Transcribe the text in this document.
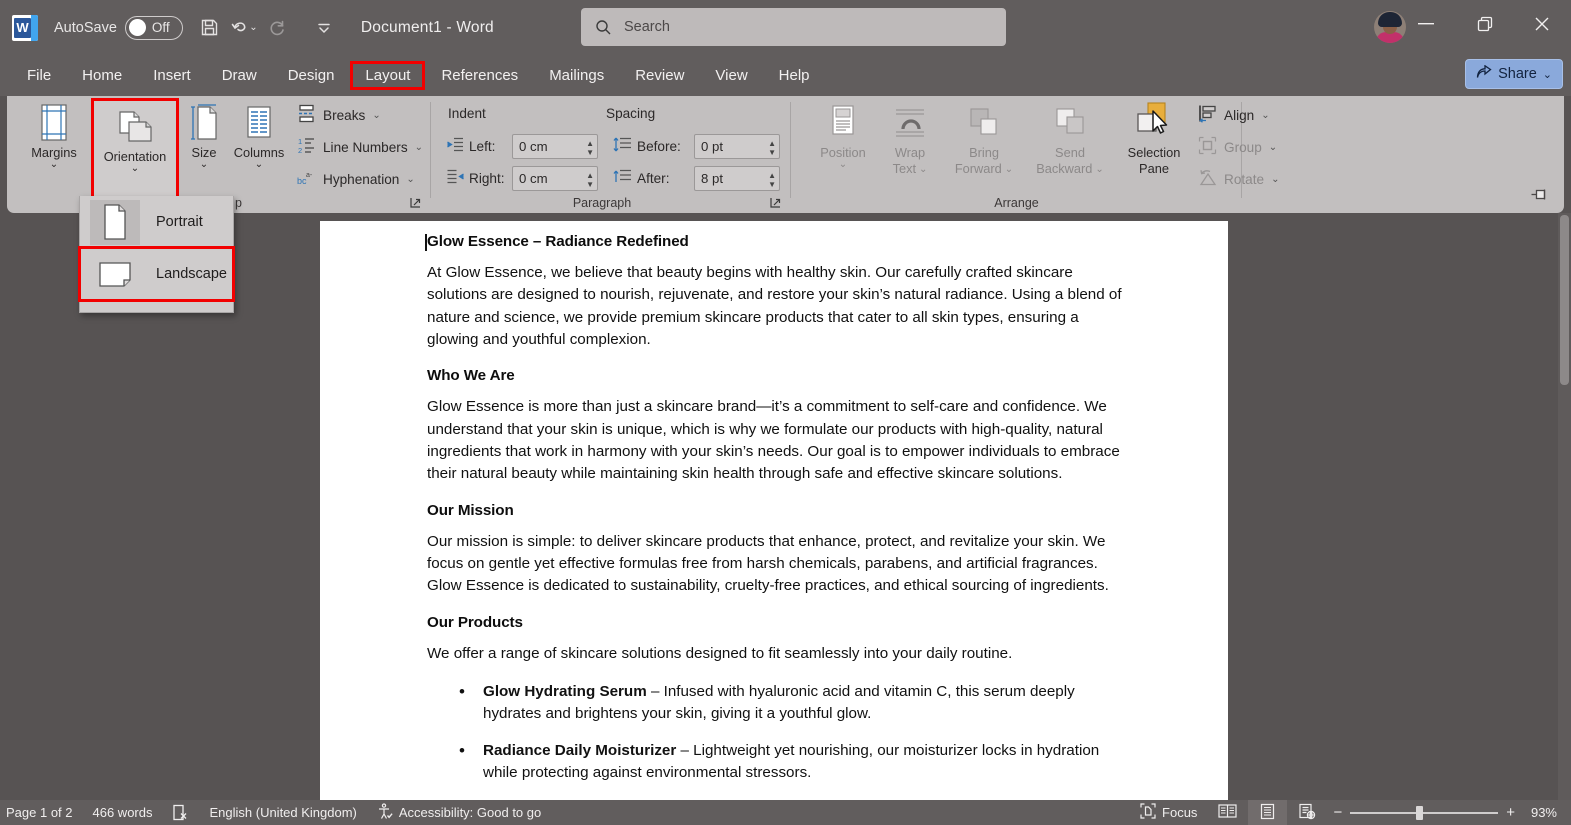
W	AutoSave	Off	⌄	Document1 - Word	Search
File	Home	Insert	Draw	Design	Layout	References	Mailings	Review	View	Help	Share ⌄
Margins
⌄
Orientation
⌄
Size
⌄
Columns
⌄
Breaks ⌄
1
2 Line Numbers ⌄
bc
a- Hyphenation ⌄
p
Indent	Spacing
Left:	0 cm	▲
▼
Right: 0 cm	▲
▼
Before:	0 pt	▲
▼
After:	8 pt	▲
▼
Paragraph
Position
⌄
Wrap
Text ⌄
Bring
Forward ⌄
Send
Backward ⌄
Selection
Pane
Align ⌄
Group ⌄
Rotate ⌄
Arrange
Portrait
Landscape
Glow Essence – Radiance Redefined
At Glow Essence, we believe that beauty begins with healthy skin. Our carefully crafted skincare solutions are designed to nourish, rejuvenate, and restore your skin’s natural radiance. Using a blend of nature and science, we provide premium skincare products that cater to all skin types, ensuring a glowing and youthful complexion.
Who We Are
Glow Essence is more than just a skincare brand—it’s a commitment to self-care and confidence. We understand that your skin is unique, which is why we formulate our products with high-quality, natural ingredients that work in harmony with your skin’s needs. Our goal is to empower individuals to embrace their natural beauty while maintaining skin health through safe and effective skincare solutions.
Our Mission
Our mission is simple: to deliver skincare products that enhance, protect, and revitalize your skin. We focus on gentle yet effective formulas free from harsh chemicals, parabens, and artificial fragrances. Glow Essence is dedicated to sustainability, cruelty-free practices, and ethical sourcing of ingredients.
Our Products
We offer a range of skincare solutions designed to fit seamlessly into your daily routine.
• Glow Hydrating Serum – Infused with hyaluronic acid and vitamin C, this serum deeply hydrates and brightens your skin, giving it a youthful glow.
• Radiance Daily Moisturizer – Lightweight yet nourishing, our moisturizer locks in hydration while protecting against environmental stressors.
Page 1 of 2 466 words	English (United Kingdom)	Accessibility: Good to go	Focus	−	+ 93%
